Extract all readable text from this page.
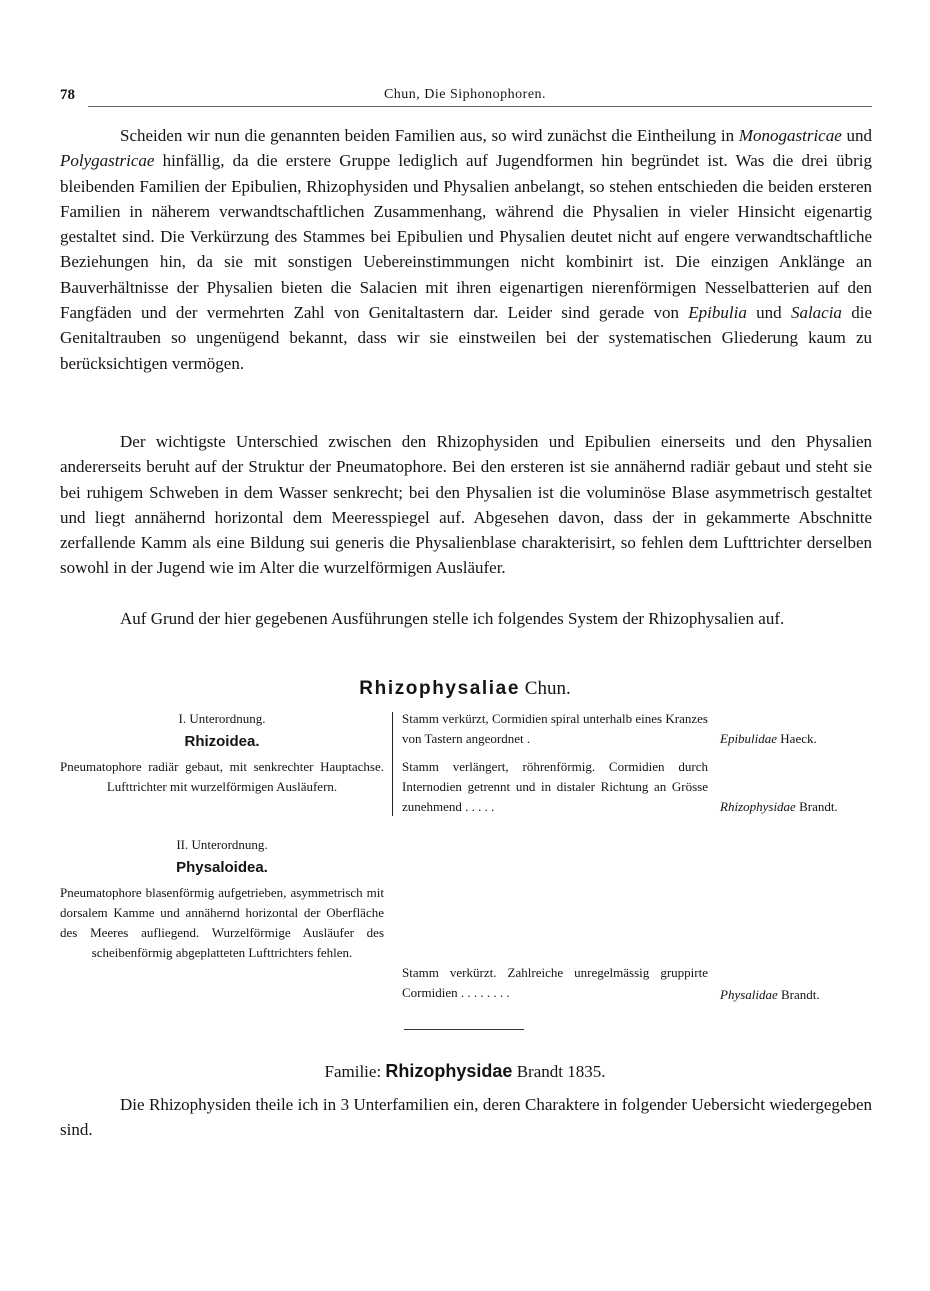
78	Chun, Die Siphonophoren.

Scheiden wir nun die genannten beiden Familien aus, so wird zunächst die Eintheilung in Monogastricae und Polygastricae hinfällig, da die erstere Gruppe lediglich auf Jugendformen hin begründet ist. Was die drei übrig bleibenden Familien der Epibulien, Rhizophysiden und Physalien anbelangt, so stehen entschieden die beiden ersteren Familien in näherem verwandtschaftlichen Zusammenhang, während die Physalien in vieler Hinsicht eigenartig gestaltet sind. Die Verkürzung des Stammes bei Epibulien und Physalien deutet nicht auf engere verwandtschaftliche Beziehungen hin, da sie mit sonstigen Uebereinstimmungen nicht kombinirt ist. Die einzigen Anklänge an Bauverhältnisse der Physalien bieten die Salacien mit ihren eigenartigen nierenförmigen Nesselbatterien auf den Fangfäden und der vermehrten Zahl von Genitaltastern dar. Leider sind gerade von Epibulia und Salacia die Genitaltrauben so ungenügend bekannt, dass wir sie einstweilen bei der systematischen Gliederung kaum zu berücksichtigen vermögen.

Der wichtigste Unterschied zwischen den Rhizophysiden und Epibulien einerseits und den Physalien andererseits beruht auf der Struktur der Pneumatophore. Bei den ersteren ist sie annähernd radiär gebaut und steht sie bei ruhigem Schweben in dem Wasser senkrecht; bei den Physalien ist die voluminöse Blase asymmetrisch gestaltet und liegt annähernd horizontal dem Meeresspiegel auf. Abgesehen davon, dass der in gekammerte Abschnitte zerfallende Kamm als eine Bildung sui generis die Physalienblase charakterisirt, so fehlen dem Lufttrichter derselben sowohl in der Jugend wie im Alter die wurzelförmigen Ausläufer.

Auf Grund der hier gegebenen Ausführungen stelle ich folgendes System der Rhizophysalien auf.

Rhizophysaliae Chun.
I. Unterordnung.
Rhizoidea.
Pneumatophore radiär gebaut, mit senkrechter Hauptachse. Lufttrichter mit wurzelförmigen Ausläufern.
II. Unterordnung.
Physaloidea.
Pneumatophore blasenförmig aufgetrieben, asymmetrisch mit dorsalem Kamme und annähernd horizontal der Oberfläche des Meeres aufliegend. Wurzelförmige Ausläufer des scheibenförmig abgeplatteten Lufttrichters fehlen.
Stamm verkürzt, Cormidien spiral unterhalb eines Kranzes von Tastern angeordnet .	Epibulidae Haeck.
Stamm verlängert, röhrenförmig. Cormidien durch Internodien getrennt und in distaler Richtung an Grösse zunehmend . . . . .	Rhizophysidae Brandt.
Stamm verkürzt. Zahlreiche unregelmässig gruppirte Cormidien . . . . . . . .	Physalidae Brandt.
Familie: Rhizophysidae Brandt 1835.

Die Rhizophysiden theile ich in 3 Unterfamilien ein, deren Charaktere in folgender Uebersicht wiedergegeben sind.
